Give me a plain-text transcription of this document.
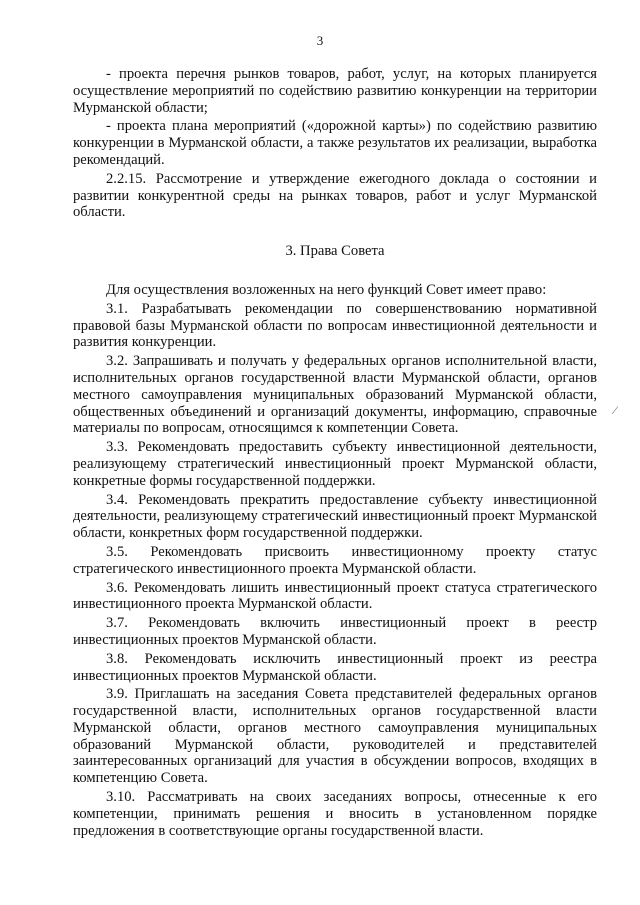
3

- проекта перечня рынков товаров, работ, услуг, на которых планируется осуществление мероприятий по содействию развитию конкуренции на территории Мурманской области;

- проекта плана мероприятий («дорожной карты») по содействию развитию конкуренции в Мурманской области, а также результатов их реализации, выработка рекомендаций.

2.2.15. Рассмотрение и утверждение ежегодного доклада о состоянии и развитии конкурентной среды на рынках товаров, работ и услуг Мурманской области.

3. Права Совета

Для осуществления возложенных на него функций Совет имеет право:

3.1. Разрабатывать рекомендации по совершенствованию нормативной правовой базы Мурманской области по вопросам инвестиционной деятельности и развития конкуренции.

3.2. Запрашивать и получать у федеральных органов исполнительной власти, исполнительных органов государственной власти Мурманской области, органов местного самоуправления муниципальных образований Мурманской области, общественных объединений и организаций документы, информацию, справочные материалы по вопросам, относящимся к компетенции Совета.

3.3. Рекомендовать предоставить субъекту инвестиционной деятельности, реализующему стратегический инвестиционный проект Мурманской области, конкретные формы государственной поддержки.

3.4. Рекомендовать прекратить предоставление субъекту инвестиционной деятельности, реализующему стратегический инвестиционный проект Мурманской области, конкретных форм государственной поддержки.

3.5. Рекомендовать присвоить инвестиционному проекту статус стратегического инвестиционного проекта Мурманской области.

3.6. Рекомендовать лишить инвестиционный проект статуса стратегического инвестиционного проекта Мурманской области.

3.7. Рекомендовать включить инвестиционный проект в реестр инвестиционных проектов Мурманской области.

3.8. Рекомендовать исключить инвестиционный проект из реестра инвестиционных проектов Мурманской области.

3.9. Приглашать на заседания Совета представителей федеральных органов государственной власти, исполнительных органов государственной власти Мурманской области, органов местного самоуправления муниципальных образований Мурманской области, руководителей и представителей заинтересованных организаций для участия в обсуждении вопросов, входящих в компетенцию Совета.

3.10. Рассматривать на своих заседаниях вопросы, отнесенные к его компетенции, принимать решения и вносить в установленном порядке предложения в соответствующие органы государственной власти.

⁄
